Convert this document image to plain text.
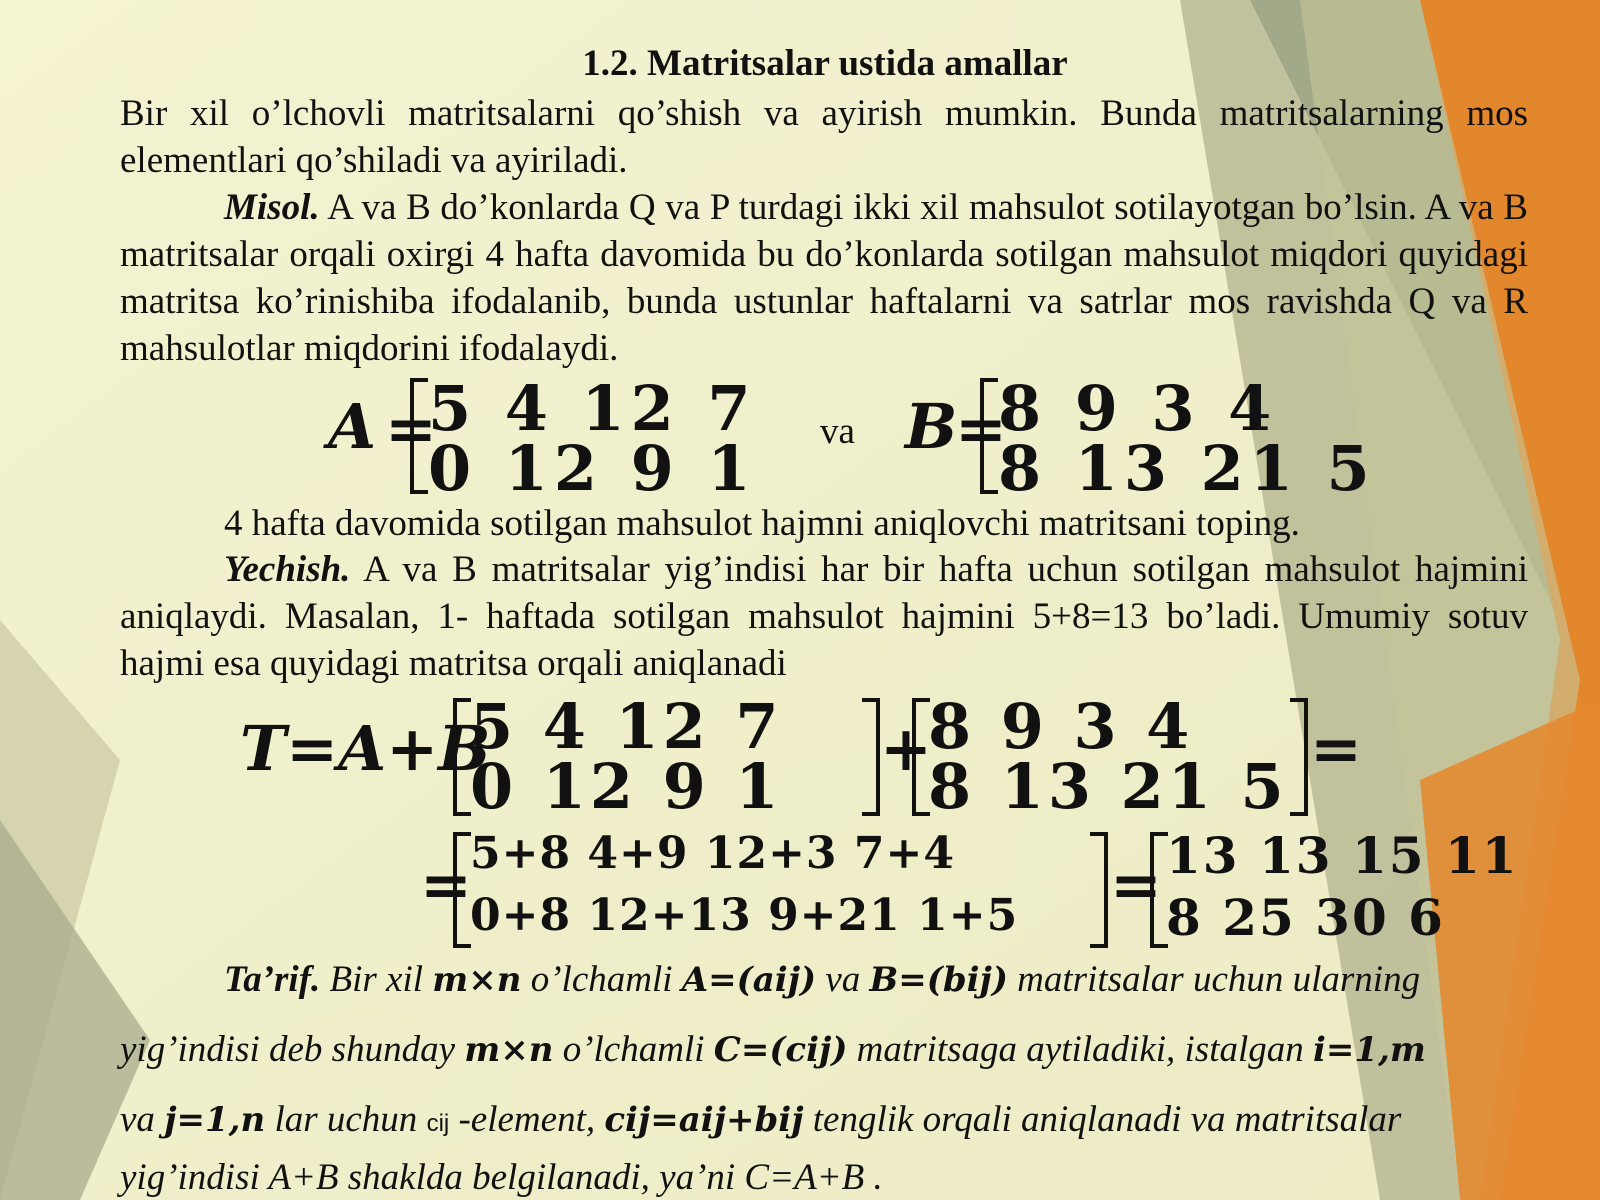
1.2. Matritsalar ustida amallar

Bir xil o’lchovli matritsalarni qo’shish va ayirish mumkin. Bunda matritsalarning mos elementlari qo’shiladi va ayiriladi.

Misol. A va B do’konlarda Q va P turdagi ikki xil mahsulot sotilayotgan bo’lsin. A va B matritsalar orqali oxirgi 4 hafta davomida bu do’konlarda sotilgan mahsulot miqdori quyidagi matritsa ko’rinishiba ifodalanib, bunda ustunlar haftalarni va satrlar mos ravishda Q va R mahsulotlar miqdorini ifodalaydi.

A =
5 4 12 7
0 12 9 1
va B
=
8 9 3 4
8 13 21 5

4 hafta davomida sotilgan mahsulot hajmni aniqlovchi matritsani toping.

Yechish. A va B matritsalar yig’indisi har bir hafta uchun sotilgan mahsulot hajmini aniqlaydi. Masalan, 1- haftada sotilgan mahsulot hajmini 5+8=13 bo’ladi. Umumiy sotuv hajmi esa quyidagi matritsa orqali aniqlanadi

T=A+B
5 4 12 7
0 12 9 1
+
8 9 3 4
8 13 21 5
=
=
5+8 4+9 12+3 7+4
0+8 12+13 9+21 1+5 = 13 13 15 11
8 25 30 6
Ta’rif. Bir xil m×n o’lchamli A=(aij) va B=(bij) matritsalar uchun ularning
yig’indisi deb shunday m×n o’lchamli C=(cij) matritsaga aytiladiki, istalgan i=1,m
va j=1,n lar uchun cij -element, cij=aij+bij tenglik orqali aniqlanadi va matritsalar
yig’indisi A+B shaklda belgilanadi, ya’ni C=A+B .
